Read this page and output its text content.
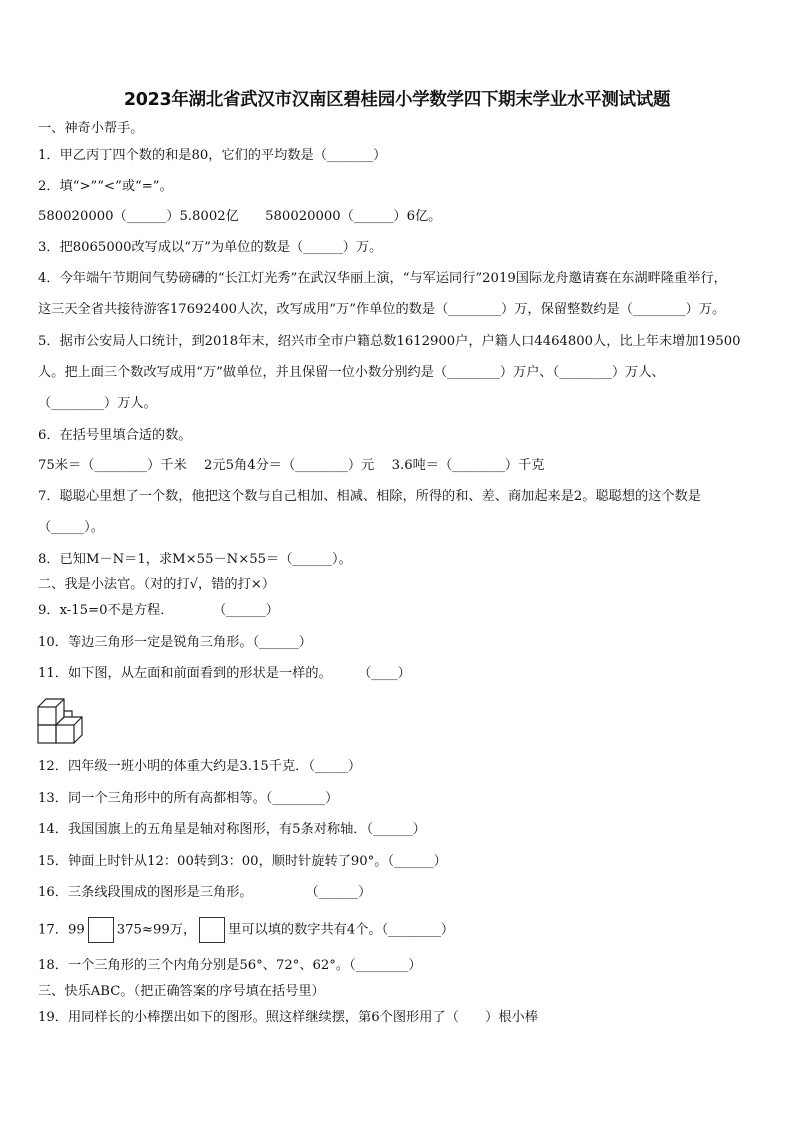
2023年湖北省武汉市汉南区碧桂园小学数学四下期末学业水平测试试题
一、神奇小帮手。
1．甲乙丙丁四个数的和是80，它们的平均数是（_______）
2．填“>”“<”或“=”。
580020000（______）5.8002亿　　580020000（______）6亿。
3．把8065000改写成以“万”为单位的数是（______）万。
4．今年端午节期间气势磅礴的“长江灯光秀”在武汉华丽上演，“与军运同行”2019国际龙舟邀请赛在东湖畔隆重举行，
这三天全省共接待游客17692400人次，改写成用“万”作单位的数是（________）万，保留整数约是（________）万。
5．据市公安局人口统计，到2018年末，绍兴市全市户籍总数1612900户，户籍人口4464800人，比上年末增加19500
人。把上面三个数改写成用“万”做单位，并且保留一位小数分别约是（________）万户、（________）万人、
（________）万人。
6．在括号里填合适的数。
75米＝（________）千米　 2元5角4分＝（________）元　 3.6吨＝（________）千克
7．聪聪心里想了一个数，他把这个数与自己相加、相减、相除，所得的和、差、商加起来是2。聪聪想的这个数是
（_____）。
8．已知M－N＝1，求M×55－N×55＝（______）。
二、我是小法官。（对的打√，错的打×）
9．x-15=0不是方程．　　　　（______）
10．等边三角形一定是锐角三角形。（______）
11．如下图，从左面和前面看到的形状是一样的。　　　（____）
12．四年级一班小明的体重大约是3.15千克．（_____）
13．同一个三角形中的所有高都相等。（________）
14．我国国旗上的五角星是轴对称图形，有5条对称轴．（______）
15．钟面上时针从12：00转到3：00，顺时针旋转了90°。（______）
16．三条线段围成的图形是三角形。　　　　　（______）
17．99 375≈99万， 里可以填的数字共有4个。（________）
18．一个三角形的三个内角分别是56°、72°、62°。（________）
三、快乐ABC。（把正确答案的序号填在括号里）
19．用同样长的小棒摆出如下的图形。照这样继续摆，第6个图形用了（　　）根小棒
